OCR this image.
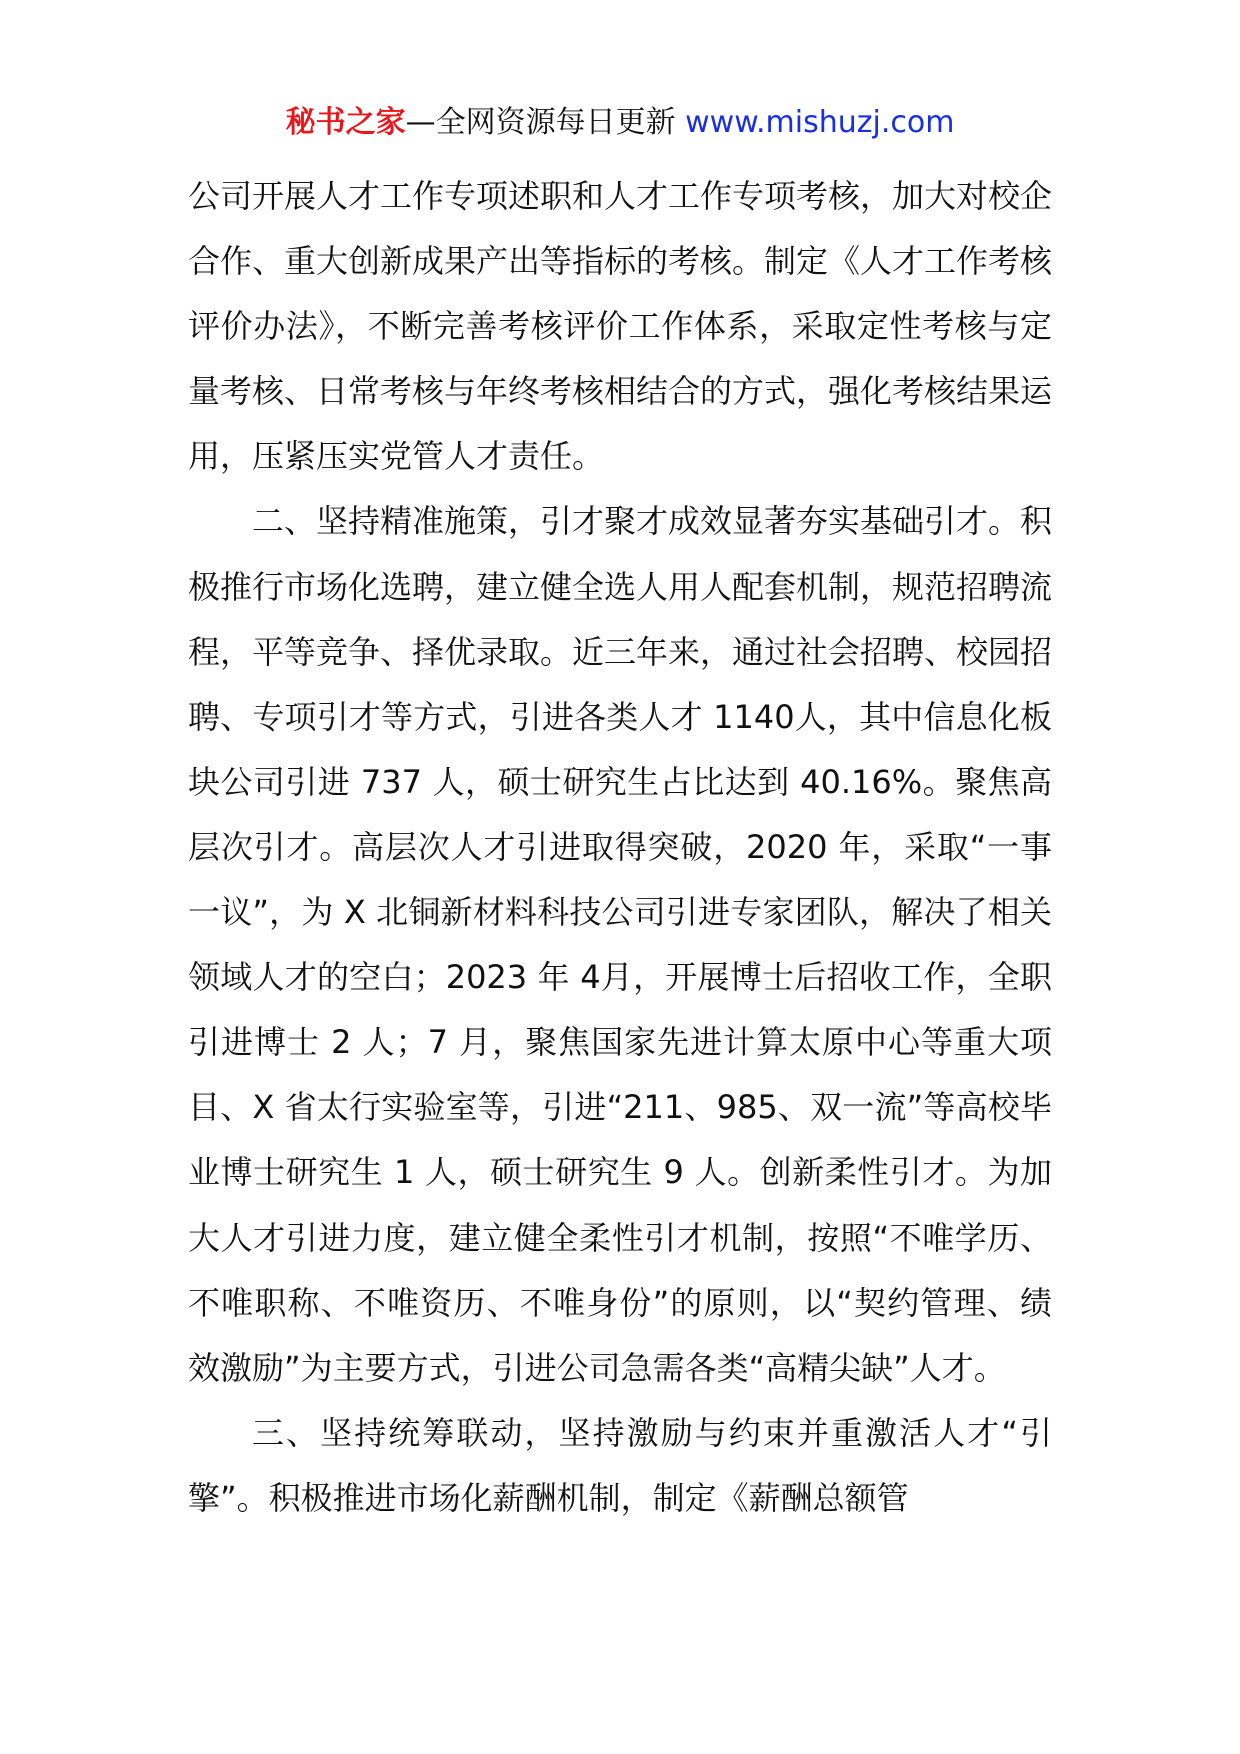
秘书之家—全网资源每日更新 www.mishuzj.com

公司开展人才工作专项述职和人才工作专项考核，加大对校企合作、重大创新成果产出等指标的考核。制定《人才工作考核评价办法》，不断完善考核评价工作体系，采取定性考核与定量考核、日常考核与年终考核相结合的方式，强化考核结果运用，压紧压实党管人才责任。

二、坚持精准施策，引才聚才成效显著夯实基础引才。积极推行市场化选聘，建立健全选人用人配套机制，规范招聘流程，平等竞争、择优录取。近三年来，通过社会招聘、校园招聘、专项引才等方式，引进各类人才 1140人，其中信息化板块公司引进 737 人，硕士研究生占比达到 40.16%。聚焦高层次引才。高层次人才引进取得突破，2020 年，采取“一事一议”，为 X 北铜新材料科技公司引进专家团队，解决了相关领域人才的空白；2023 年 4月，开展博士后招收工作，全职引进博士 2 人；7 月，聚焦国家先进计算太原中心等重大项目、X 省太行实验室等，引进“211、985、双一流”等高校毕业博士研究生 1 人，硕士研究生 9 人。创新柔性引才。为加大人才引进力度，建立健全柔性引才机制，按照“不唯学历、不唯职称、不唯资历、不唯身份”的原则，以“契约管理、绩效激励”为主要方式，引进公司急需各类“高精尖缺”人才。

三、坚持统筹联动，坚持激励与约束并重激活人才“引擎”。积极推进市场化薪酬机制，制定《薪酬总额管
